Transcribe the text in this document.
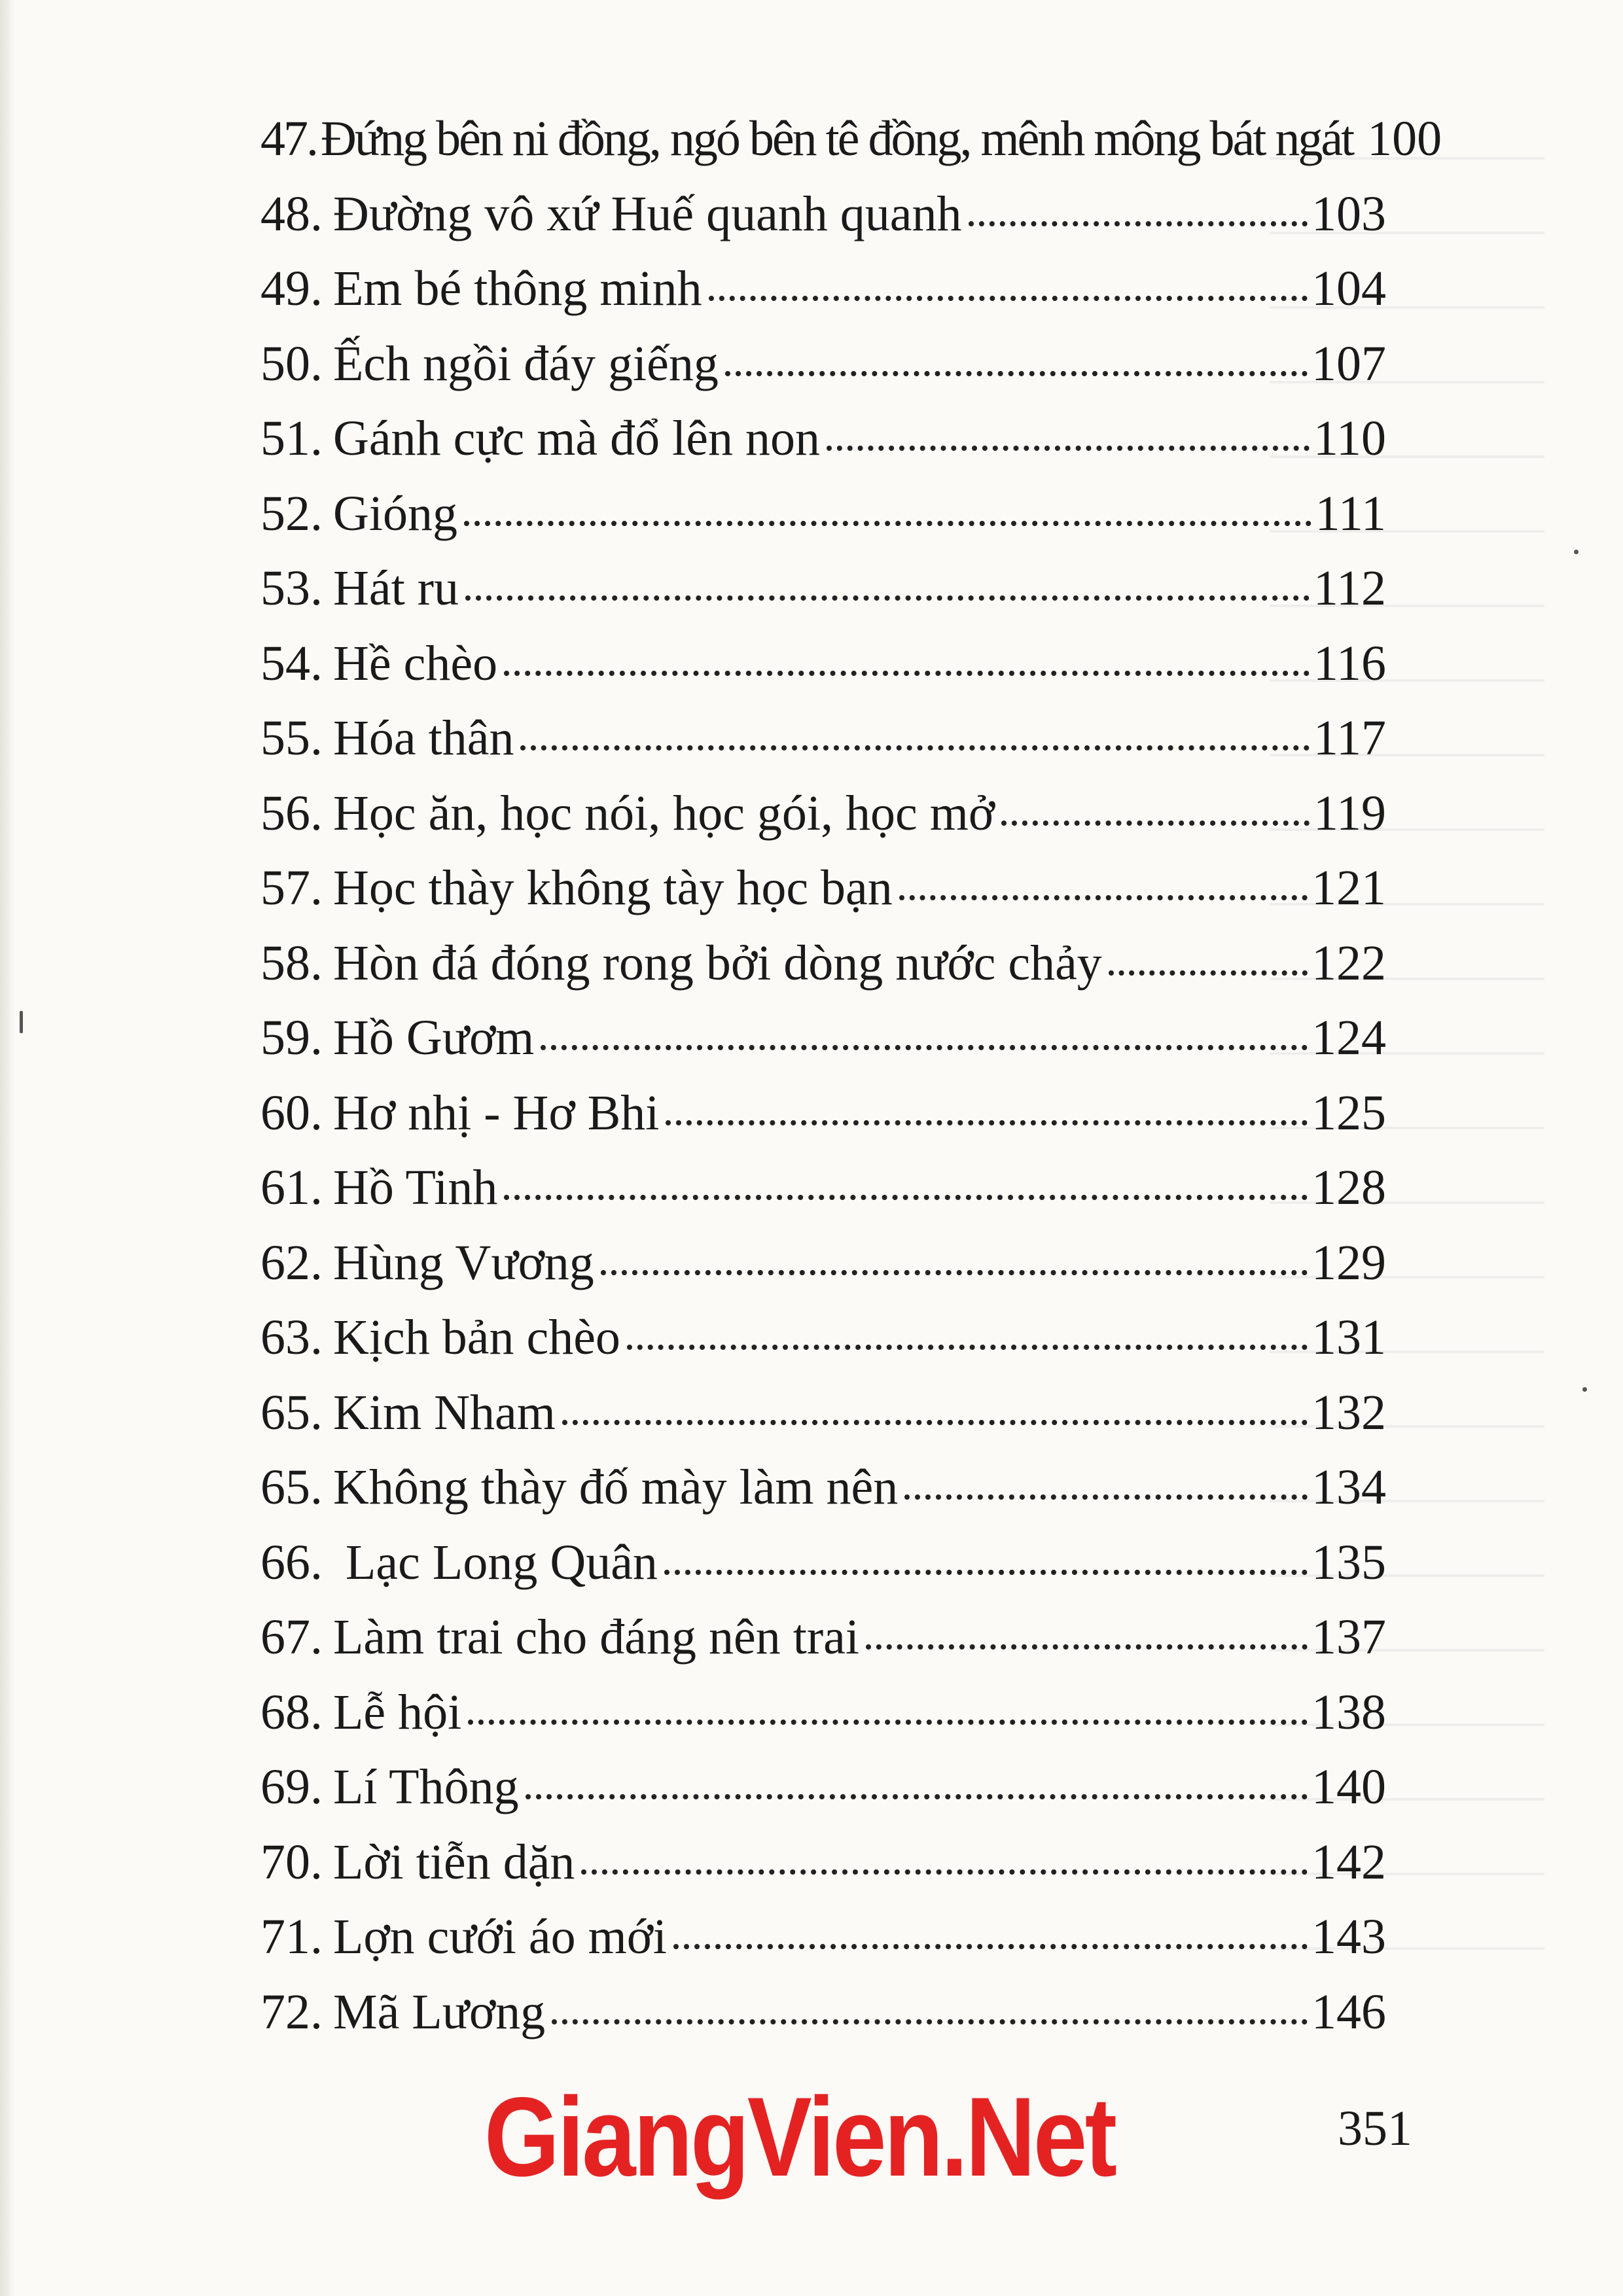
47. Đứng bên ni đồng, ngó bên tê đồng, mênh mông bát ngát 100
48. Đường vô xứ Huế quanh quanh	103
49. Em bé thông minh	104
50. Ếch ngồi đáy giếng	107
51. Gánh cực mà đổ lên non	110
52. Gióng	111
53. Hát ru	112
54. Hề chèo	116
55. Hóa thân	117
56. Học ăn, học nói, học gói, học mở	119
57. Học thày không tày học bạn	121
58. Hòn đá đóng rong bởi dòng nước chảy	122
59. Hồ Gươm	124
60. Hơ nhị - Hơ Bhi	125
61. Hồ Tinh	128
62. Hùng Vương	129
63. Kịch bản chèo	131
65. Kim Nham	132
65. Không thày đố mày làm nên	134
66. Lạc Long Quân	135
67. Làm trai cho đáng nên trai	137
68. Lễ hội	138
69. Lí Thông	140
70. Lời tiễn dặn	142
71. Lợn cưới áo mới	143
72. Mã Lương	146
GiangVien.Net	351
